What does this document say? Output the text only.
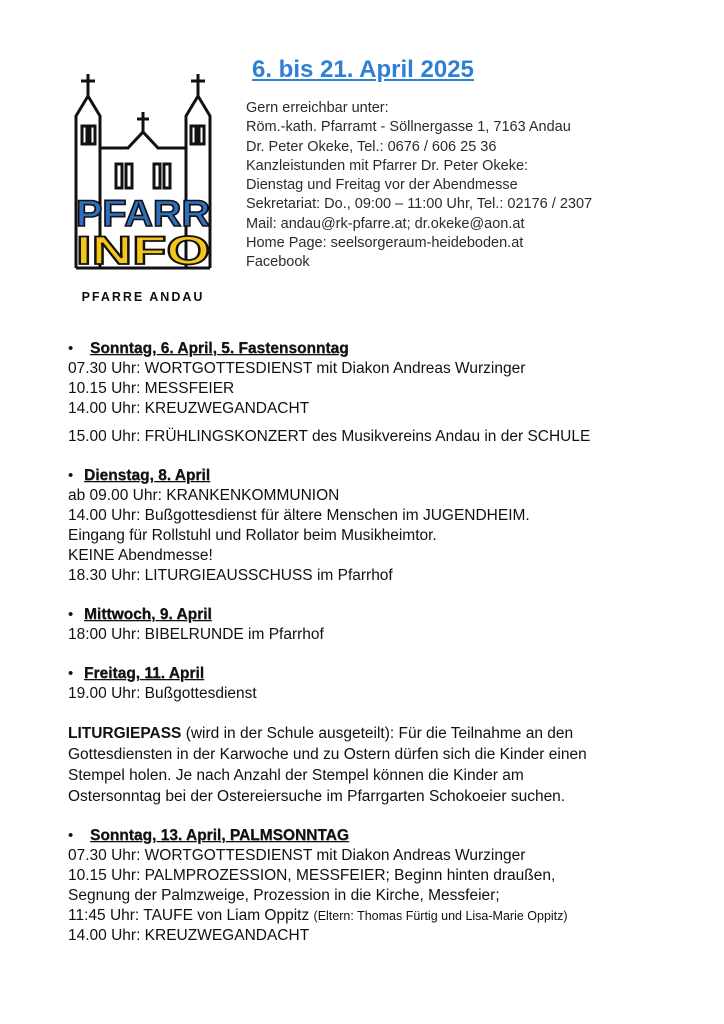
PFARR
INFO
PFARRE ANDAU
6. bis 21. April 2025
Gern erreichbar unter:
Röm.-kath. Pfarramt - Söllnergasse 1, 7163 Andau
Dr. Peter Okeke, Tel.: 0676 / 606 25 36
Kanzleistunden mit Pfarrer Dr. Peter Okeke:
Dienstag und Freitag vor der Abendmesse
Sekretariat: Do., 09:00 – 11:00 Uhr, Tel.: 02176 / 2307
Mail: andau@rk-pfarre.at; dr.okeke@aon.at
Home Page: seelsorgeraum-heideboden.at
Facebook
•	Sonntag, 6. April, 5. Fastensonntag
07.30 Uhr: WORTGOTTESDIENST mit Diakon Andreas Wurzinger
10.15 Uhr: MESSFEIER
14.00 Uhr: KREUZWEGANDACHT
15.00 Uhr: FRÜHLINGSKONZERT des Musikvereins Andau in der SCHULE
• Dienstag, 8. April
ab 09.00 Uhr: KRANKENKOMMUNION
14.00 Uhr: Bußgottesdienst für ältere Menschen im JUGENDHEIM.
Eingang für Rollstuhl und Rollator beim Musikheimtor.
KEINE Abendmesse!
18.30 Uhr: LITURGIEAUSSCHUSS im Pfarrhof
• Mittwoch, 9. April
18:00 Uhr: BIBELRUNDE im Pfarrhof
• Freitag, 11. April
19.00 Uhr: Bußgottesdienst
LITURGIEPASS (wird in der Schule ausgeteilt): Für die Teilnahme an den
Gottesdiensten in der Karwoche und zu Ostern dürfen sich die Kinder einen
Stempel holen. Je nach Anzahl der Stempel können die Kinder am
Ostersonntag bei der Ostereiersuche im Pfarrgarten Schokoeier suchen.
•	Sonntag, 13. April, PALMSONNTAG
07.30 Uhr: WORTGOTTESDIENST mit Diakon Andreas Wurzinger
10.15 Uhr: PALMPROZESSION, MESSFEIER; Beginn hinten draußen,
Segnung der Palmzweige, Prozession in die Kirche, Messfeier;
11:45 Uhr: TAUFE von Liam Oppitz (Eltern: Thomas Fürtig und Lisa-Marie Oppitz)
14.00 Uhr: KREUZWEGANDACHT
